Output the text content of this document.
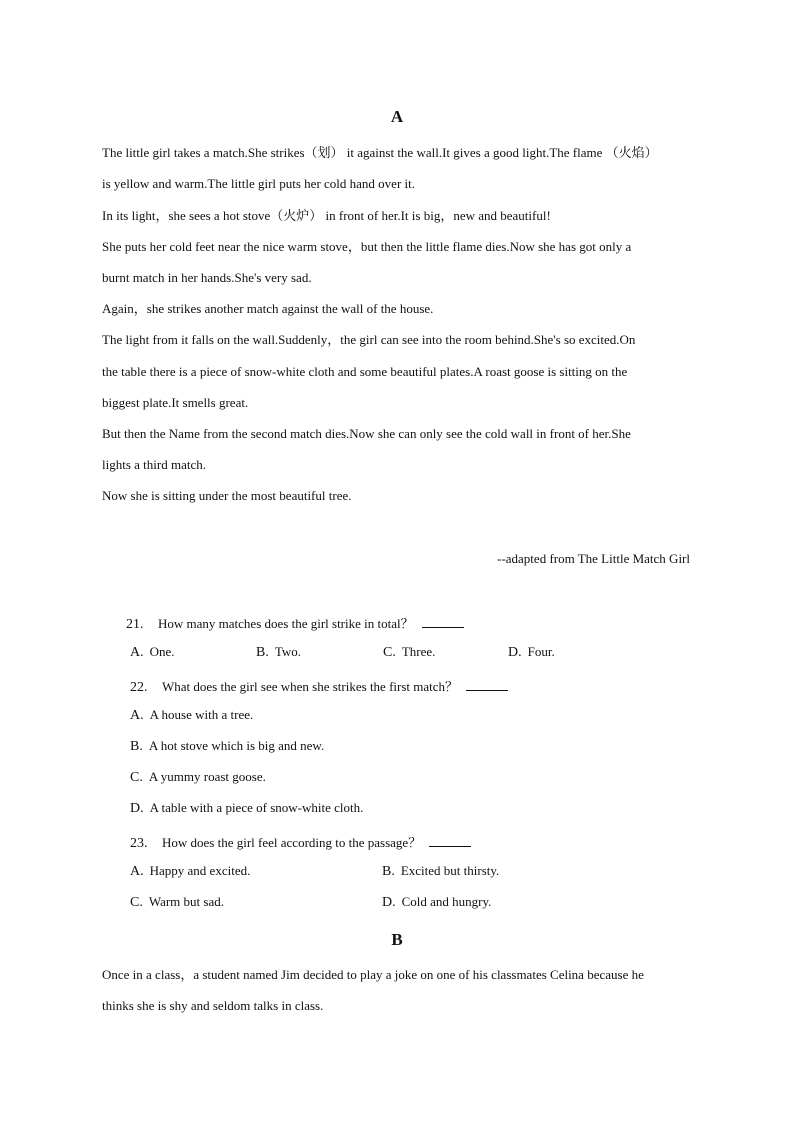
A
The little girl takes a match.She strikes（划） it against the wall.It gives a good light.The flame （火焰）
is yellow and warm.The little girl puts her cold hand over it.
In its light，she sees a hot stove（火炉） in front of her.It is big，new and beautiful!
She puts her cold feet near the nice warm stove，but then the little flame dies.Now she has got only a
burnt match in her hands.She's very sad.
Again，she strikes another match against the wall of the house.
The light from it falls on the wall.Suddenly，the girl can see into the room behind.She's so excited.On
the table there is a piece of snow-white cloth and some beautiful plates.A roast goose is sitting on the
biggest plate.It smells great.
But then the Name from the second match dies.Now she can only see the cold wall in front of her.She
lights a third match.
Now she is sitting under the most beautiful tree.
--adapted from The Little Match Girl
21. How many matches does the girl strike in total？
A. One.	B. Two.	C. Three.	D. Four.
22. What does the girl see when she strikes the first match？
A. A house with a tree.
B. A hot stove which is big and new.
C. A yummy roast goose.
D. A table with a piece of snow-white cloth.
23. How does the girl feel according to the passage？
A. Happy and excited.	B. Excited but thirsty.
C. Warm but sad.	D. Cold and hungry.
B
Once in a class，a student named Jim decided to play a joke on one of his classmates Celina because he
thinks she is shy and seldom talks in class.
